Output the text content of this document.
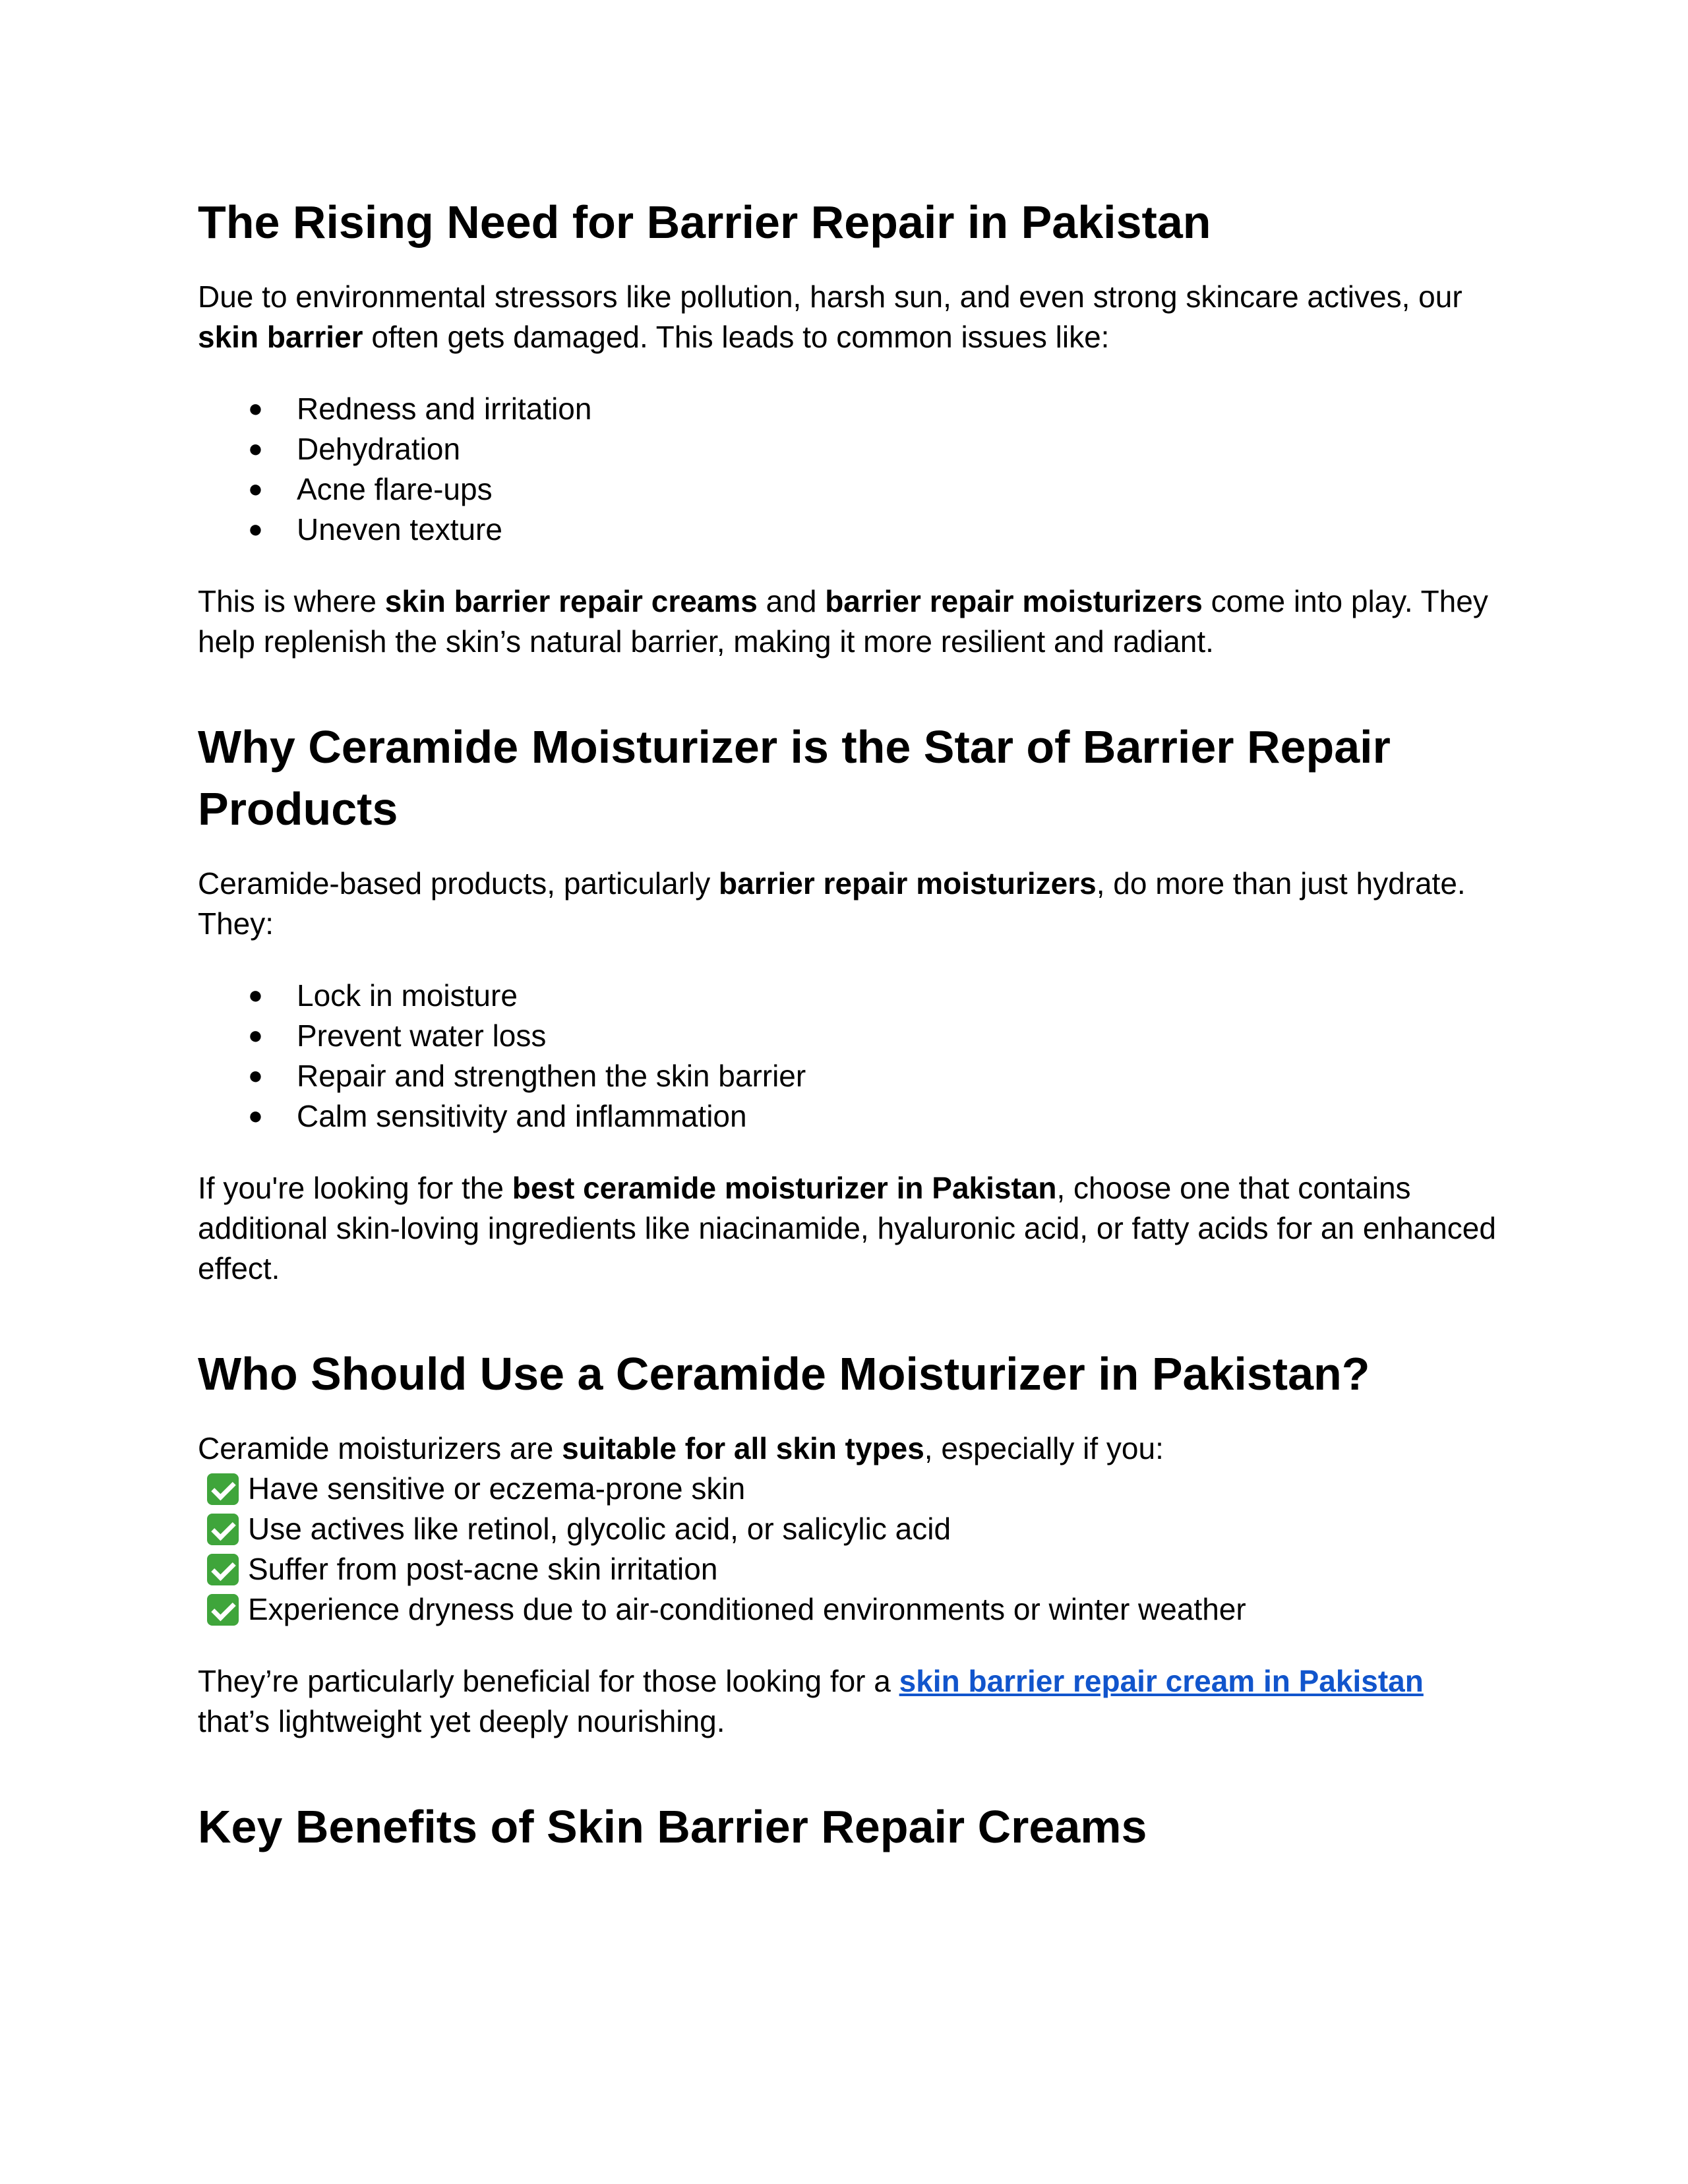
The Rising Need for Barrier Repair in Pakistan

Due to environmental stressors like pollution, harsh sun, and even strong skincare actives, our skin barrier often gets damaged. This leads to common issues like:

● Redness and irritation
● Dehydration
● Acne flare-ups
● Uneven texture

This is where skin barrier repair creams and barrier repair moisturizers come into play. They help replenish the skin’s natural barrier, making it more resilient and radiant.

Why Ceramide Moisturizer is the Star of Barrier Repair Products

Ceramide-based products, particularly barrier repair moisturizers, do more than just hydrate. They:

● Lock in moisture
● Prevent water loss
● Repair and strengthen the skin barrier
● Calm sensitivity and inflammation

If you're looking for the best ceramide moisturizer in Pakistan, choose one that contains additional skin-loving ingredients like niacinamide, hyaluronic acid, or fatty acids for an enhanced effect.

Who Should Use a Ceramide Moisturizer in Pakistan?

Ceramide moisturizers are suitable for all skin types, especially if you:

Have sensitive or eczema-prone skin
Use actives like retinol, glycolic acid, or salicylic acid
Suffer from post-acne skin irritation
Experience dryness due to air-conditioned environments or winter weather

They’re particularly beneficial for those looking for a skin barrier repair cream in Pakistan that’s lightweight yet deeply nourishing.

Key Benefits of Skin Barrier Repair Creams
